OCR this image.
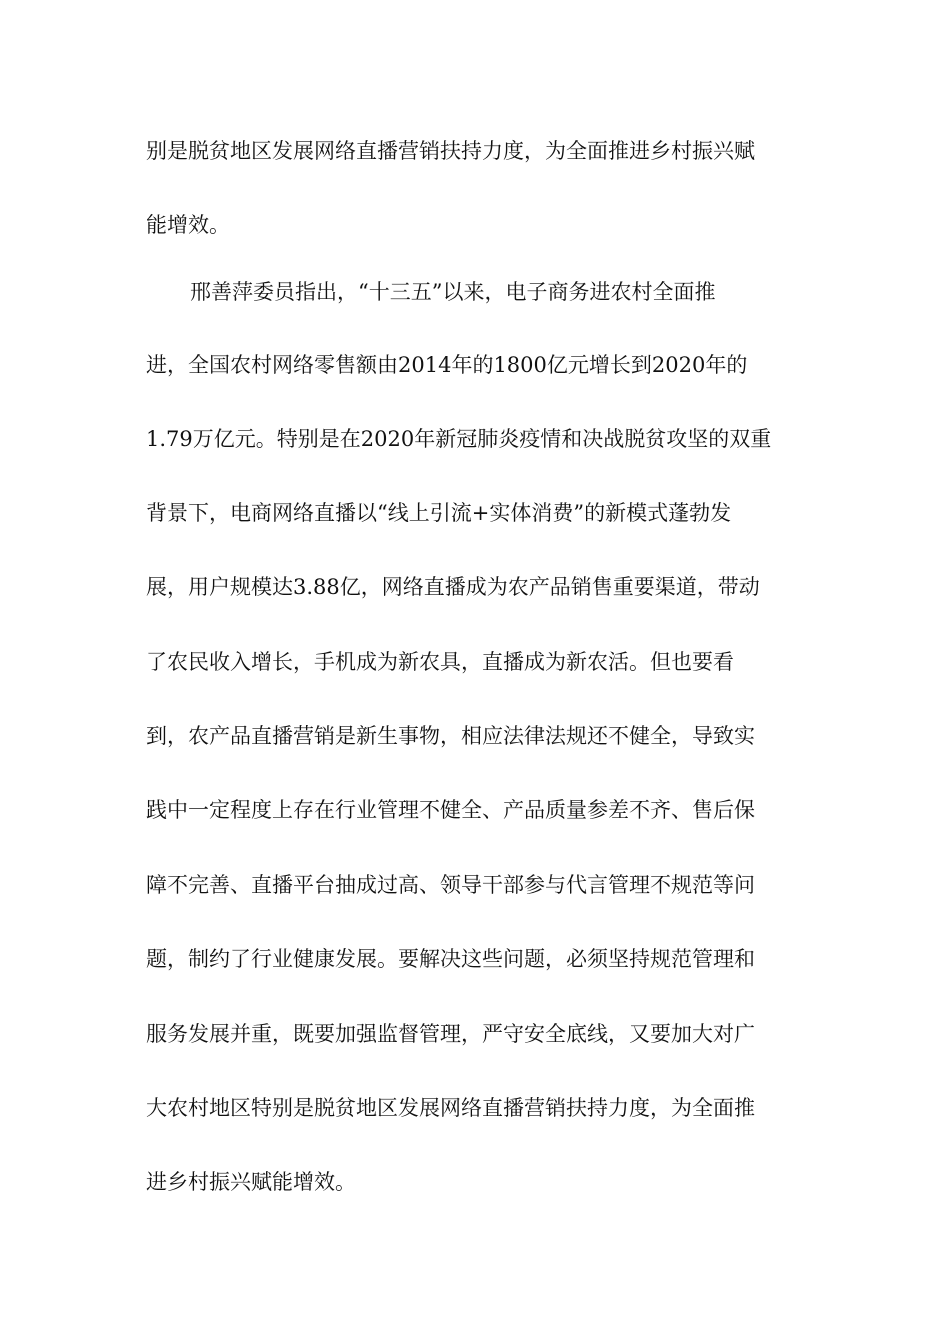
别是脱贫地区发展网络直播营销扶持力度，为全面推进乡村振兴赋
能增效。
邢善萍委员指出，“十三五”以来，电子商务进农村全面推
进，全国农村网络零售额由2014年的1800亿元增长到2020年的
1.79万亿元。特别是在2020年新冠肺炎疫情和决战脱贫攻坚的双重
背景下，电商网络直播以“线上引流+实体消费”的新模式蓬勃发
展，用户规模达3.88亿，网络直播成为农产品销售重要渠道，带动
了农民收入增长，手机成为新农具，直播成为新农活。但也要看
到，农产品直播营销是新生事物，相应法律法规还不健全，导致实
践中一定程度上存在行业管理不健全、产品质量参差不齐、售后保
障不完善、直播平台抽成过高、领导干部参与代言管理不规范等问
题，制约了行业健康发展。要解决这些问题，必须坚持规范管理和
服务发展并重，既要加强监督管理，严守安全底线，又要加大对广
大农村地区特别是脱贫地区发展网络直播营销扶持力度，为全面推
进乡村振兴赋能增效。
